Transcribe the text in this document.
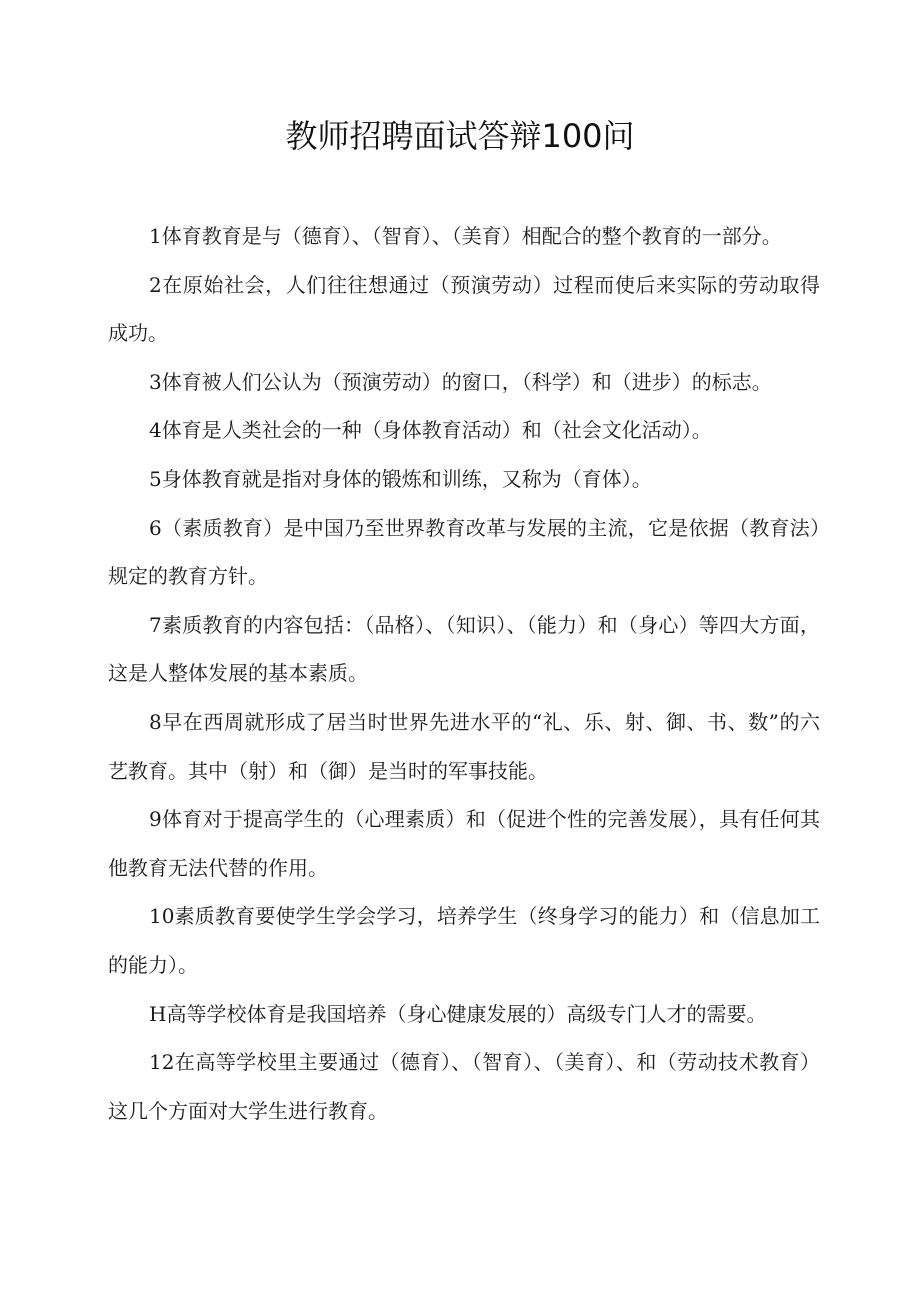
教师招聘面试答辩100问

1体育教育是与（德育）、（智育）、（美育）相配合的整个教育的一部分。

2在原始社会，人们往往想通过（预演劳动）过程而使后来实际的劳动取得成功。

3体育被人们公认为（预演劳动）的窗口，（科学）和（进步）的标志。

4体育是人类社会的一种（身体教育活动）和（社会文化活动）。

5身体教育就是指对身体的锻炼和训练，又称为（育体）。

6（素质教育）是中国乃至世界教育改革与发展的主流，它是依据（教育法）规定的教育方针。

7素质教育的内容包括：（品格）、（知识）、（能力）和（身心）等四大方面，这是人整体发展的基本素质。

8早在西周就形成了居当时世界先进水平的“礼、乐、射、御、书、数”的六艺教育。其中（射）和（御）是当时的军事技能。

9体育对于提高学生的（心理素质）和（促进个性的完善发展），具有任何其他教育无法代替的作用。

10素质教育要使学生学会学习，培养学生（终身学习的能力）和（信息加工的能力）。

H高等学校体育是我国培养（身心健康发展的）高级专门人才的需要。

12在高等学校里主要通过（德育）、（智育）、（美育）、和（劳动技术教育）这几个方面对大学生进行教育。
